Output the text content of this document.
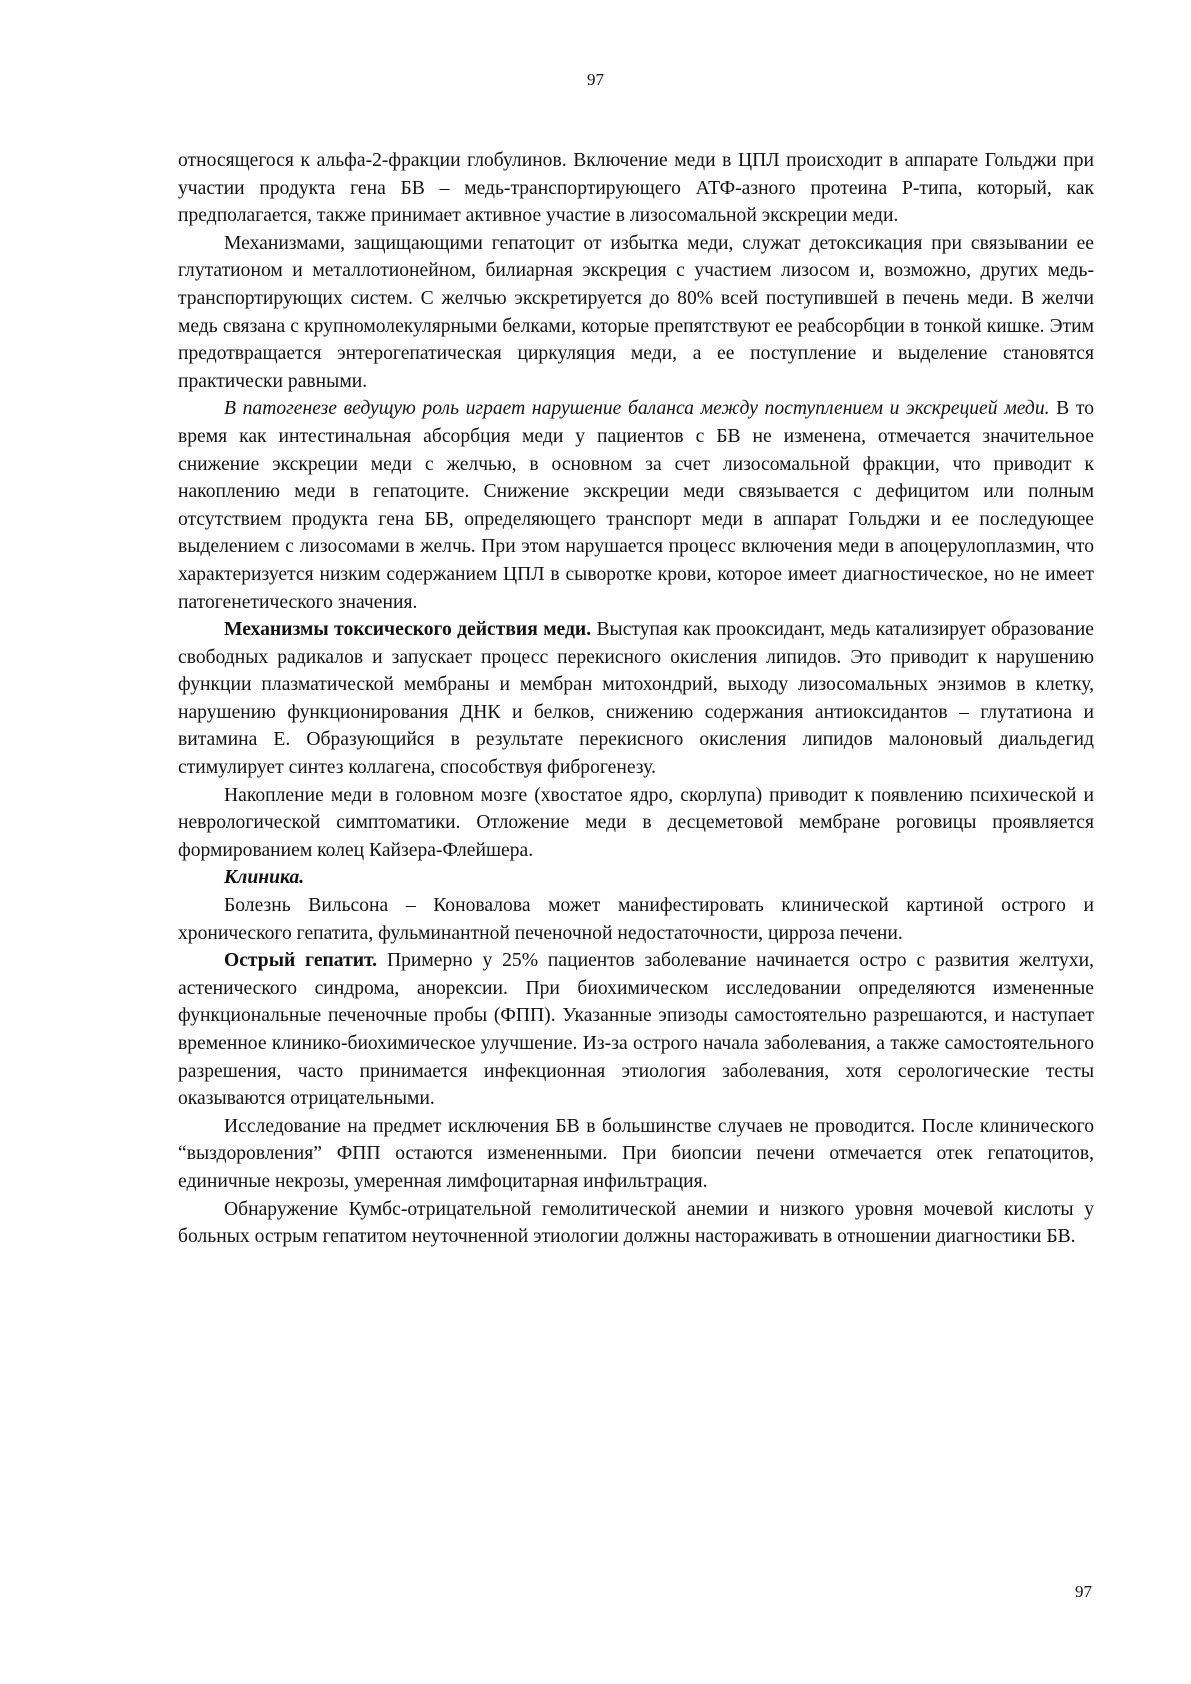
97

относящегося к альфа-2-фракции глобулинов. Включение меди в ЦПЛ происходит в аппарате Гольджи при участии продукта гена БВ – медь-транспортирующего АТФ-азного протеина Р-типа, который, как предполагается, также принимает активное участие в лизосомальной экскреции меди.

Механизмами, защищающими гепатоцит от избытка меди, служат детоксикация при связывании ее глутатионом и металлотионейном, билиарная экскреция с участием лизосом и, возможно, других медь-транспортирующих систем. С желчью экскретируется до 80% всей поступившей в печень меди. В желчи медь связана с крупномолекулярными белками, которые препятствуют ее реабсорбции в тонкой кишке. Этим предотвращается энтерогепатическая циркуляция меди, а ее поступление и выделение становятся практически равными.

В патогенезе ведущую роль играет нарушение баланса между поступлением и экскрецией меди. В то время как интестинальная абсорбция меди у пациентов с БВ не изменена, отмечается значительное снижение экскреции меди с желчью, в основном за счет лизосомальной фракции, что приводит к накоплению меди в гепатоците. Снижение экскреции меди связывается с дефицитом или полным отсутствием продукта гена БВ, определяющего транспорт меди в аппарат Гольджи и ее последующее выделением с лизосомами в желчь. При этом нарушается процесс включения меди в апоцерулоплазмин, что характеризуется низким содержанием ЦПЛ в сыворотке крови, которое имеет диагностическое, но не имеет патогенетического значения.

Механизмы токсического действия меди. Выступая как прооксидант, медь катализирует образование свободных радикалов и запускает процесс перекисного окисления липидов. Это приводит к нарушению функции плазматической мембраны и мембран митохондрий, выходу лизосомальных энзимов в клетку, нарушению функционирования ДНК и белков, снижению содержания антиоксидантов – глутатиона и витамина Е. Образующийся в результате перекисного окисления липидов малоновый диальдегид стимулирует синтез коллагена, способствуя фиброгенезу.

Накопление меди в головном мозге (хвостатое ядро, скорлупа) приводит к появлению психической и неврологической симптоматики. Отложение меди в десцеметовой мембране роговицы проявляется формированием колец Кайзера-Флейшера.

Клиника.

Болезнь Вильсона – Коновалова может манифестировать клинической картиной острого и хронического гепатита, фульминантной печеночной недостаточности, цирроза печени.

Острый гепатит. Примерно у 25% пациентов заболевание начинается остро с развития желтухи, астенического синдрома, анорексии. При биохимическом исследовании определяются измененные функциональные печеночные пробы (ФПП). Указанные эпизоды самостоятельно разрешаются, и наступает временное клинико-биохимическое улучшение. Из-за острого начала заболевания, а также самостоятельного разрешения, часто принимается инфекционная этиология заболевания, хотя серологические тесты оказываются отрицательными.

Исследование на предмет исключения БВ в большинстве случаев не проводится. После клинического “выздоровления” ФПП остаются измененными. При биопсии печени отмечается отек гепатоцитов, единичные некрозы, умеренная лимфоцитарная инфильтрация.

Обнаружение Кумбс-отрицательной гемолитической анемии и низкого уровня мочевой кислоты у больных острым гепатитом неуточненной этиологии должны настораживать в отношении диагностики БВ.

97
